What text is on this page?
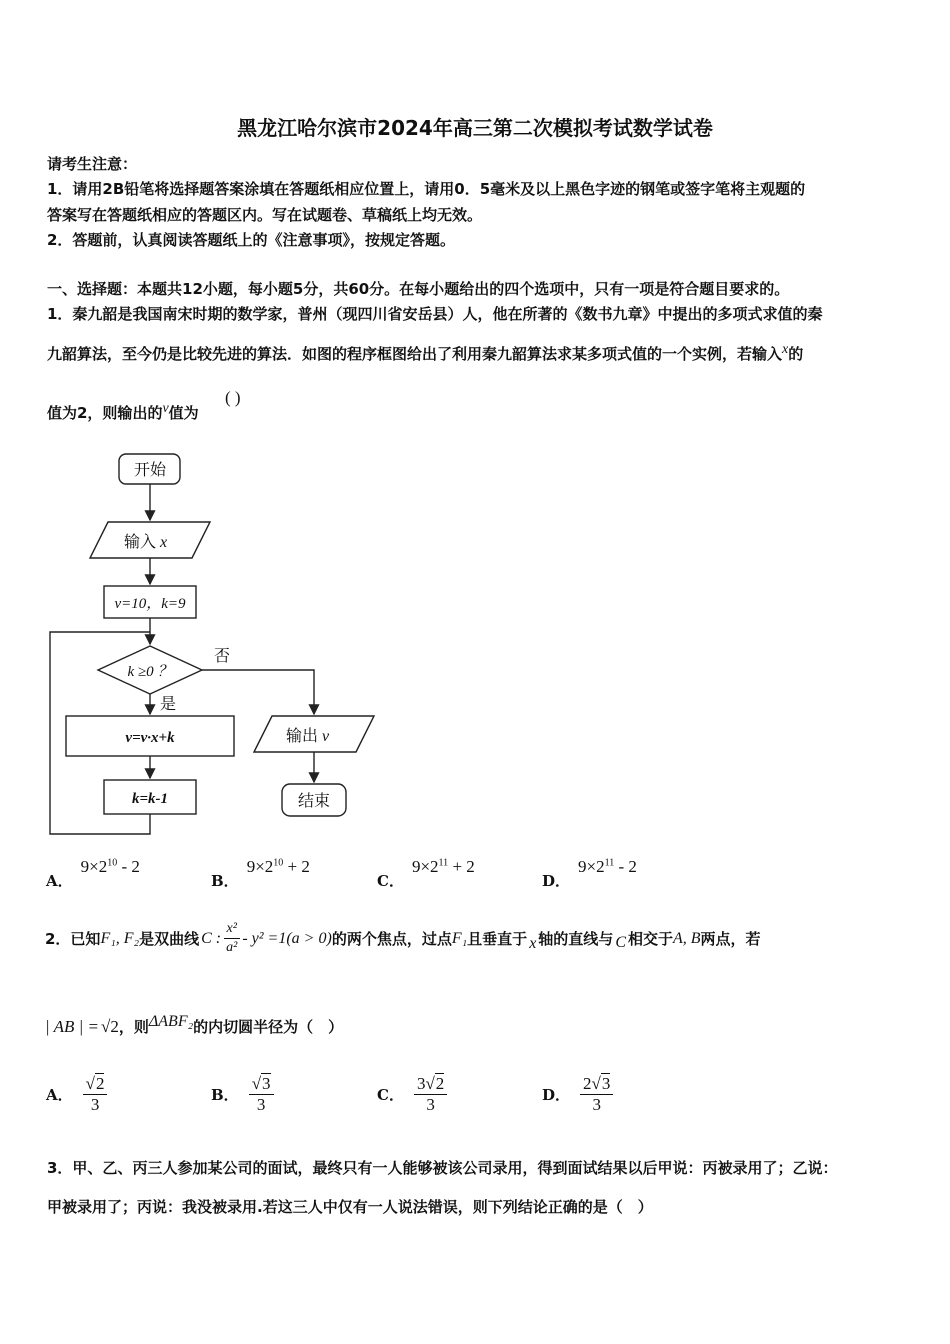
黑龙江哈尔滨市2024年高三第二次模拟考试数学试卷
请考生注意：
1．请用2B铅笔将选择题答案涂填在答题纸相应位置上，请用0．5毫米及以上黑色字迹的钢笔或签字笔将主观题的
答案写在答题纸相应的答题区内。写在试题卷、草稿纸上均无效。
2．答题前，认真阅读答题纸上的《注意事项》，按规定答题。
一、选择题：本题共12小题，每小题5分，共60分。在每小题给出的四个选项中，只有一项是符合题目要求的。
1．秦九韶是我国南宋时期的数学家，普州（现四川省安岳县）人，他在所著的《数书九章》中提出的多项式求值的秦
九韶算法，至今仍是比较先进的算法．如图的程序框图给出了利用秦九韶算法求某多项式值的一个实例，若输入x的
值为2，则输出的v值为
( )
开始
输入 x
v=10，k=9
k ≥0 ？
否
是
v=v·x+k
k=k-1
输出 v
结束
A．$9\times 2^{10} - 2$
B．$9\times 2^{10} + 2$
C．$9\times 2^{11} + 2$
D．$9\times 2^{11} - 2$
2．已知 F₁, F₂ 是双曲线 C : $\frac{\text{x²}}{\text{a²}} - y^2 =1(a > 0)$ 的两个焦点，过点 F₁ 且垂直于 x 轴的直线与 C 相交于 A, B 两点，若
| AB | = √2 ，则 ΔABF₂ 的内切圆半径为（　）
A． $\frac{√2}{3}$	B． $\frac{√3}{3}$	C． $\frac{3√2}{3}$	D． $\frac{2√3}{3}$
3．甲、乙、丙三人参加某公司的面试，最终只有一人能够被该公司录用，得到面试结果以后甲说：丙被录用了；乙说：
甲被录用了；丙说：我没被录用.若这三人中仅有一人说法错误，则下列结论正确的是（　）
